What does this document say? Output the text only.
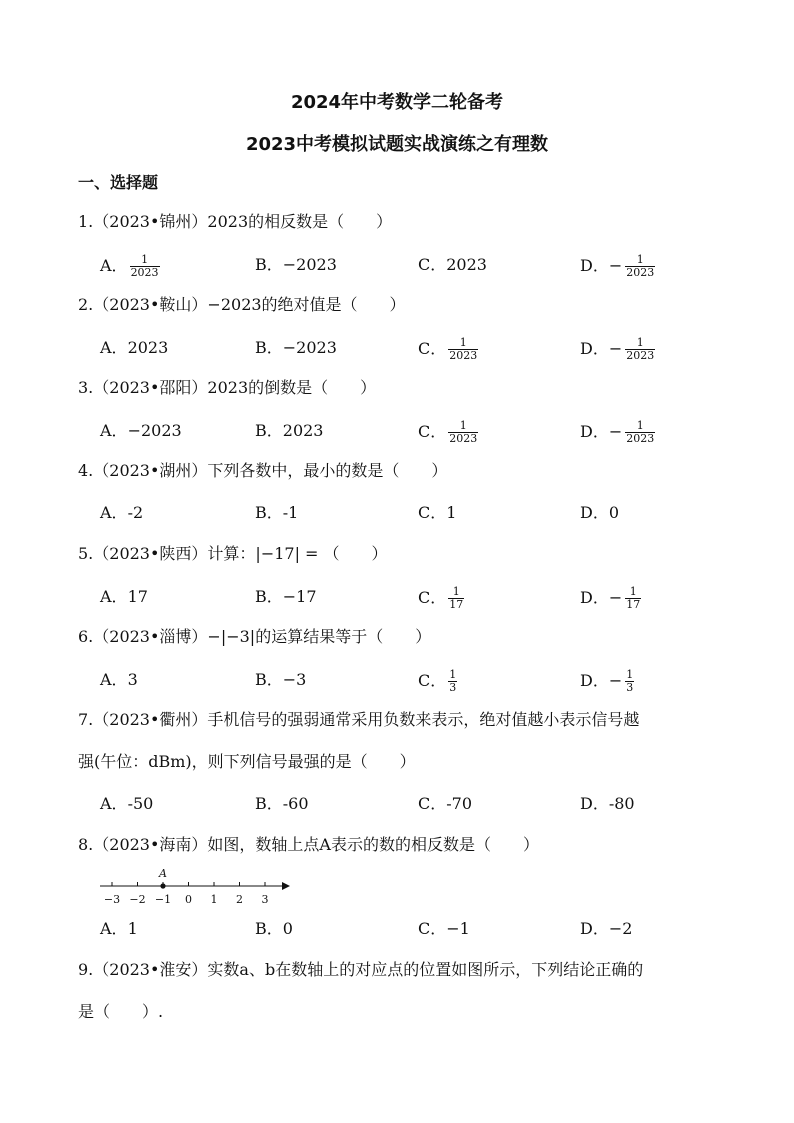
2024年中考数学二轮备考
2023中考模拟试题实战演练之有理数
一、选择题
1.（2023•锦州）2023的相反数是（　　）
A． $\frac{1}{2023}$	B．−2023	C．2023	D．− $\frac{1}{2023}$
2.（2023•鞍山）−2023的绝对值是（　　）
A．2023	B．−2023	C． $\frac{1}{2023}$	D．− $\frac{1}{2023}$
3.（2023•邵阳）2023的倒数是（　　）
A．−2023	B．2023	C． $\frac{1}{2023}$	D．− $\frac{1}{2023}$
4.（2023•湖州）下列各数中，最小的数是（　　）
A．-2	B．-1	C．1	D．0
5.（2023•陕西）计算：|−17| = （　　）
A．17	B．−17	C． $\frac{1}{17}$	D．− $\frac{1}{17}$
6.（2023•淄博）−|−3|的运算结果等于（　　）
A．3	B．−3	C． $\frac{1}{3}$	D．− $\frac{1}{3}$
7.（2023•衢州）手机信号的强弱通常采用负数来表示，绝对值越小表示信号越
强(午位：dBm)，则下列信号最强的是（　　）
A．-50	B．-60	C．-70	D．-80
8.（2023•海南）如图，数轴上点A表示的数的相反数是（　　）
−3 −2 −1 0 1 2 3
A
A．1	B．0	C．−1	D．−2
9.（2023•淮安）实数a、b在数轴上的对应点的位置如图所示，下列结论正确的
是（　　）.
